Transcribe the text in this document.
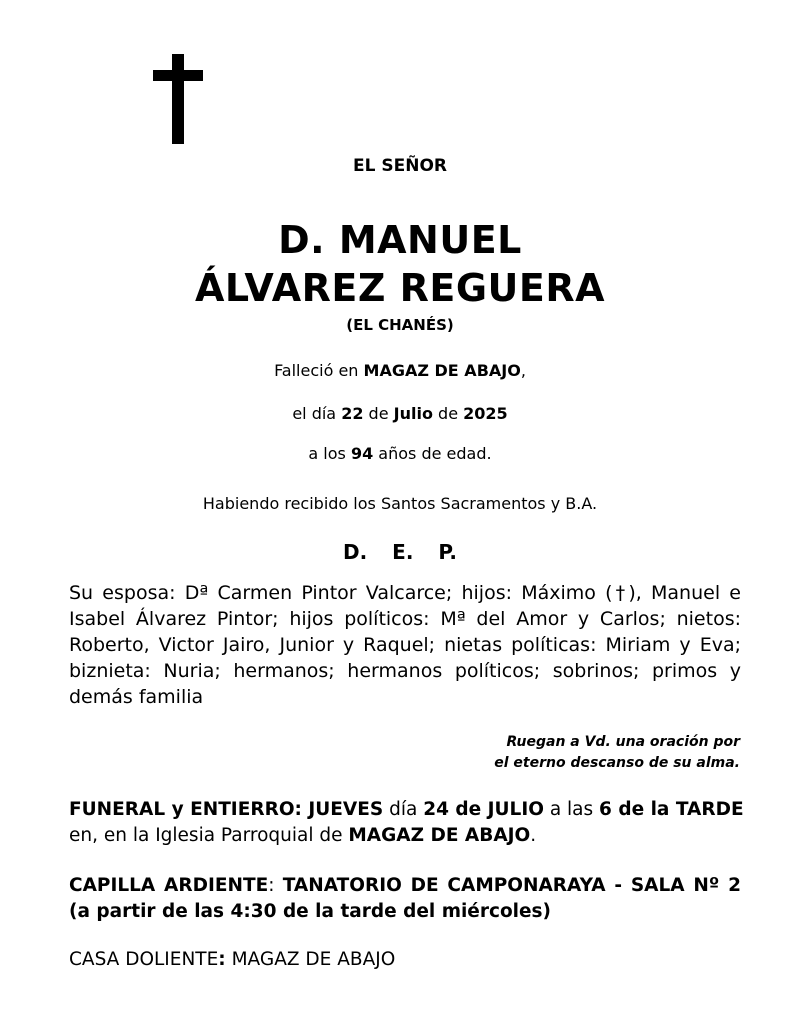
EL SEÑOR
D. MANUEL
ÁLVAREZ REGUERA
(EL CHANÉS)
Falleció en MAGAZ DE ABAJO,
el día 22 de Julio de 2025
a los 94 años de edad.
Habiendo recibido los Santos Sacramentos y B.A.
D. E. P.
Su esposa: Dª Carmen Pintor Valcarce; hijos: Máximo (†), Manuel e Isabel Álvarez Pintor; hijos políticos: Mª del Amor y Carlos; nietos: Roberto, Victor Jairo, Junior y Raquel; nietas políticas: Miriam y Eva; biznieta: Nuria; hermanos; hermanos políticos; sobrinos; primos y demás familia
Ruegan a Vd. una oración por
el eterno descanso de su alma.
FUNERAL y ENTIERRO: JUEVES día 24 de JULIO a las 6 de la TARDE en, en la Iglesia Parroquial de MAGAZ DE ABAJO.
CAPILLA ARDIENTE: TANATORIO DE CAMPONARAYA - SALA Nº 2 (a partir de las 4:30 de la tarde del miércoles)
CASA DOLIENTE: MAGAZ DE ABAJO
